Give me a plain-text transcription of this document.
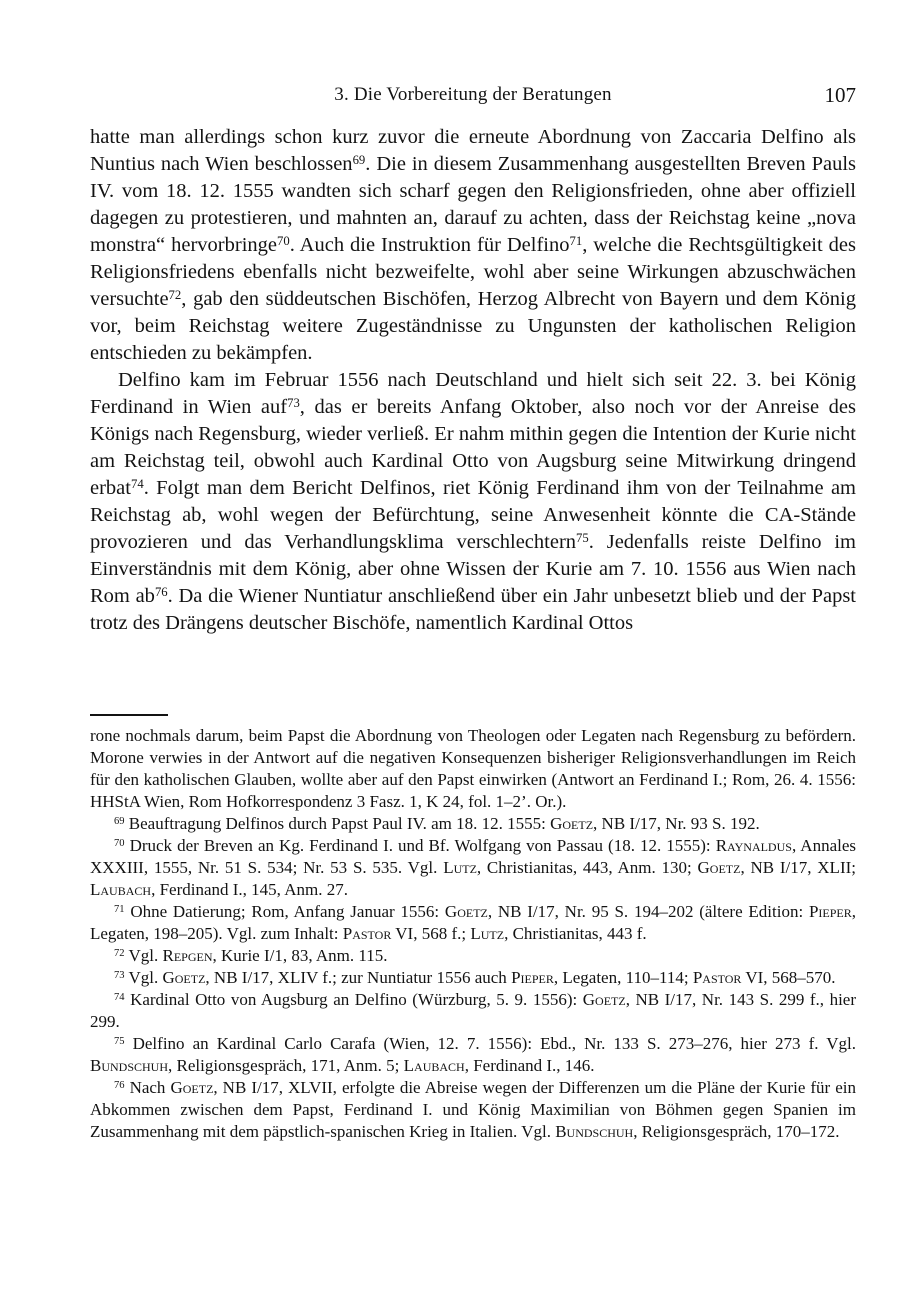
3. Die Vorbereitung der Beratungen	107

hatte man allerdings schon kurz zuvor die erneute Abordnung von Zaccaria Delfino als Nuntius nach Wien beschlossen$^{69}$. Die in diesem Zusammenhang ausgestellten Breven Pauls IV. vom 18. 12. 1555 wandten sich scharf gegen den Religionsfrieden, ohne aber offiziell dagegen zu protestieren, und mahnten an, darauf zu achten, dass der Reichstag keine „nova monstra“ hervorbringe$^{70}$. Auch die Instruktion für Delfino$^{71}$, welche die Rechtsgültigkeit des Religionsfriedens ebenfalls nicht bezweifelte, wohl aber seine Wirkungen abzuschwächen versuchte$^{72}$, gab den süddeutschen Bischöfen, Herzog Albrecht von Bayern und dem König vor, beim Reichstag weitere Zugeständnisse zu Ungunsten der katholischen Religion entschieden zu bekämpfen.

Delfino kam im Februar 1556 nach Deutschland und hielt sich seit 22. 3. bei König Ferdinand in Wien auf$^{73}$, das er bereits Anfang Oktober, also noch vor der Anreise des Königs nach Regensburg, wieder verließ. Er nahm mithin gegen die Intention der Kurie nicht am Reichstag teil, obwohl auch Kardinal Otto von Augsburg seine Mitwirkung dringend erbat$^{74}$. Folgt man dem Bericht Delfinos, riet König Ferdinand ihm von der Teilnahme am Reichstag ab, wohl wegen der Befürchtung, seine Anwesenheit könnte die CA-Stände provozieren und das Verhandlungsklima verschlechtern$^{75}$. Jedenfalls reiste Delfino im Einverständnis mit dem König, aber ohne Wissen der Kurie am 7. 10. 1556 aus Wien nach Rom ab$^{76}$. Da die Wiener Nuntiatur anschließend über ein Jahr unbesetzt blieb und der Papst trotz des Drängens deutscher Bischöfe, namentlich Kardinal Ottos

rone nochmals darum, beim Papst die Abordnung von Theologen oder Legaten nach Regensburg zu befördern. Morone verwies in der Antwort auf die negativen Konsequenzen bisheriger Religionsverhandlungen im Reich für den katholischen Glauben, wollte aber auf den Papst einwirken (Antwort an Ferdinand I.; Rom, 26. 4. 1556: HHStA Wien, Rom Hofkorrespondenz 3 Fasz. 1, K 24, fol. 1–2’. Or.).

$^{69}$ Beauftragung Delfinos durch Papst Paul IV. am 18. 12. 1555: Goetz, NB I/17, Nr. 93 S. 192.

$^{70}$ Druck der Breven an Kg. Ferdinand I. und Bf. Wolfgang von Passau (18. 12. 1555): Raynaldus, Annales XXXIII, 1555, Nr. 51 S. 534; Nr. 53 S. 535. Vgl. Lutz, Christianitas, 443, Anm. 130; Goetz, NB I/17, XLII; Laubach, Ferdinand I., 145, Anm. 27.

$^{71}$ Ohne Datierung; Rom, Anfang Januar 1556: Goetz, NB I/17, Nr. 95 S. 194–202 (ältere Edition: Pieper, Legaten, 198–205). Vgl. zum Inhalt: Pastor VI, 568 f.; Lutz, Christianitas, 443 f.

$^{72}$ Vgl. Repgen, Kurie I/1, 83, Anm. 115.

$^{73}$ Vgl. Goetz, NB I/17, XLIV f.; zur Nuntiatur 1556 auch Pieper, Legaten, 110–114; Pastor VI, 568–570.

$^{74}$ Kardinal Otto von Augsburg an Delfino (Würzburg, 5. 9. 1556): Goetz, NB I/17, Nr. 143 S. 299 f., hier 299.

$^{75}$ Delfino an Kardinal Carlo Carafa (Wien, 12. 7. 1556): Ebd., Nr. 133 S. 273–276, hier 273 f. Vgl. Bundschuh, Religionsgespräch, 171, Anm. 5; Laubach, Ferdinand I., 146.

$^{76}$ Nach Goetz, NB I/17, XLVII, erfolgte die Abreise wegen der Differenzen um die Pläne der Kurie für ein Abkommen zwischen dem Papst, Ferdinand I. und König Maximilian von Böhmen gegen Spanien im Zusammenhang mit dem päpstlich-spanischen Krieg in Italien. Vgl. Bundschuh, Religionsgespräch, 170–172.
